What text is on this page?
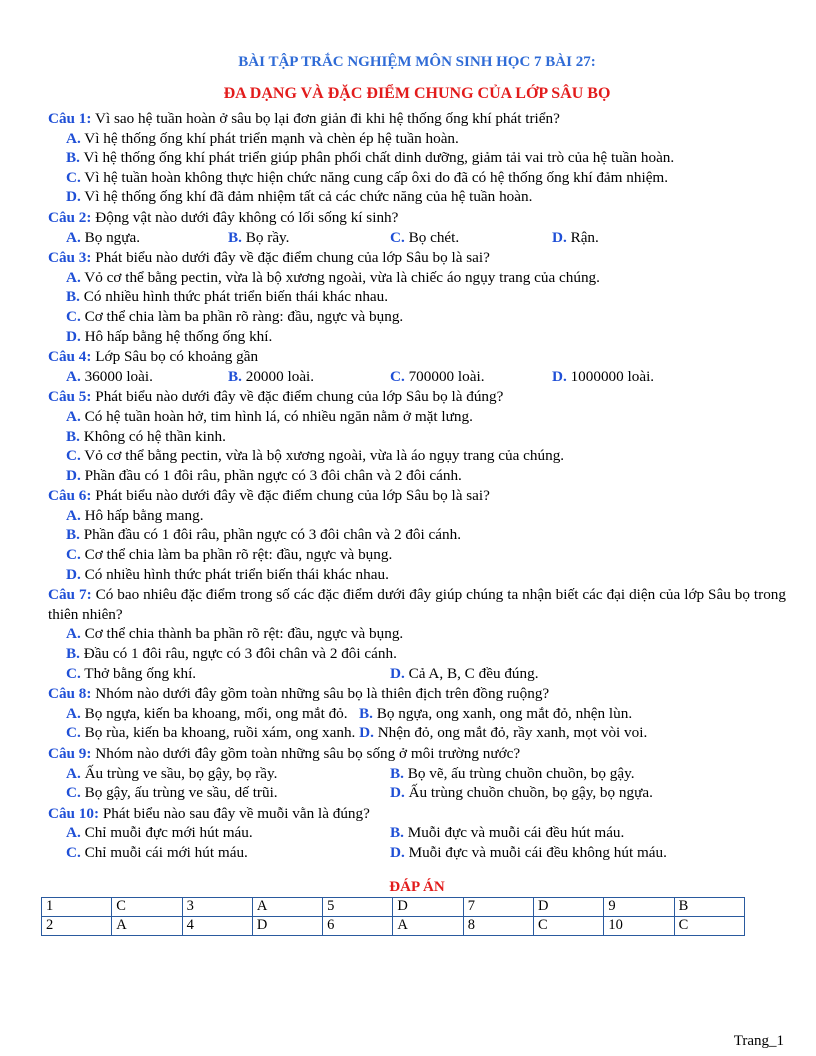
BÀI TẬP TRẮC NGHIỆM MÔN SINH HỌC 7 BÀI 27:
ĐA DẠNG VÀ ĐẶC ĐIỂM CHUNG CỦA LỚP SÂU BỌ
Câu 1: Vì sao hệ tuần hoàn ở sâu bọ lại đơn giản đi khi hệ thống ống khí phát triển?
A. Vì hệ thống ống khí phát triển mạnh và chèn ép hệ tuần hoàn.
B. Vì hệ thống ống khí phát triển giúp phân phối chất dinh dưỡng, giảm tải vai trò của hệ tuần hoàn.
C. Vì hệ tuần hoàn không thực hiện chức năng cung cấp ôxi do đã có hệ thống ống khí đảm nhiệm.
D. Vì hệ thống ống khí đã đảm nhiệm tất cả các chức năng của hệ tuần hoàn.
Câu 2: Động vật nào dưới đây không có lối sống kí sinh?
A. Bọ ngựa.	B. Bọ rầy.	C. Bọ chét.	D. Rận.
Câu 3: Phát biểu nào dưới đây về đặc điểm chung của lớp Sâu bọ là sai?
A. Vỏ cơ thể bằng pectin, vừa là bộ xương ngoài, vừa là chiếc áo ngụy trang của chúng.
B. Có nhiều hình thức phát triển biến thái khác nhau.
C. Cơ thể chia làm ba phần rõ ràng: đầu, ngực và bụng.
D. Hô hấp bằng hệ thống ống khí.
Câu 4: Lớp Sâu bọ có khoảng gần
A. 36000 loài.	B. 20000 loài.	C. 700000 loài.	D. 1000000 loài.
Câu 5: Phát biểu nào dưới đây về đặc điểm chung của lớp Sâu bọ là đúng?
A. Có hệ tuần hoàn hở, tim hình lá, có nhiều ngăn nằm ở mặt lưng.
B. Không có hệ thần kinh.
C. Vỏ cơ thể bằng pectin, vừa là bộ xương ngoài, vừa là áo ngụy trang của chúng.
D. Phần đầu có 1 đôi râu, phần ngực có 3 đôi chân và 2 đôi cánh.
Câu 6: Phát biểu nào dưới đây về đặc điểm chung của lớp Sâu bọ là sai?
A. Hô hấp bằng mang.
B. Phần đầu có 1 đôi râu, phần ngực có 3 đôi chân và 2 đôi cánh.
C. Cơ thể chia làm ba phần rõ rệt: đầu, ngực và bụng.
D. Có nhiều hình thức phát triển biến thái khác nhau.
Câu 7: Có bao nhiêu đặc điểm trong số các đặc điểm dưới đây giúp chúng ta nhận biết các đại diện của lớp Sâu bọ trong thiên nhiên?
A. Cơ thể chia thành ba phần rõ rệt: đầu, ngực và bụng.
B. Đầu có 1 đôi râu, ngực có 3 đôi chân và 2 đôi cánh.
C. Thở bằng ống khí.	D. Cả A, B, C đều đúng.
Câu 8: Nhóm nào dưới đây gồm toàn những sâu bọ là thiên địch trên đồng ruộng?
A. Bọ ngựa, kiến ba khoang, mối, ong mắt đỏ. B. Bọ ngựa, ong xanh, ong mắt đỏ, nhện lùn.
C. Bọ rùa, kiến ba khoang, ruồi xám, ong xanh. D. Nhện đỏ, ong mắt đỏ, rầy xanh, mọt vòi voi.
Câu 9: Nhóm nào dưới đây gồm toàn những sâu bọ sống ở môi trường nước?
A. Ấu trùng ve sầu, bọ gậy, bọ rầy.	B. Bọ vẽ, ấu trùng chuồn chuồn, bọ gậy.
C. Bọ gậy, ấu trùng ve sầu, dế trũi.	D. Ấu trùng chuồn chuồn, bọ gậy, bọ ngựa.
Câu 10: Phát biểu nào sau đây về muỗi vằn là đúng?
A. Chỉ muỗi đực mới hút máu.	B. Muỗi đực và muỗi cái đều hút máu.
C. Chỉ muỗi cái mới hút máu.	D. Muỗi đực và muỗi cái đều không hút máu.
ĐÁP ÁN
1	C	3	A	5	D	7	D	9	B
2	A	4	D	6	A	8	C	10	C
Trang_1
